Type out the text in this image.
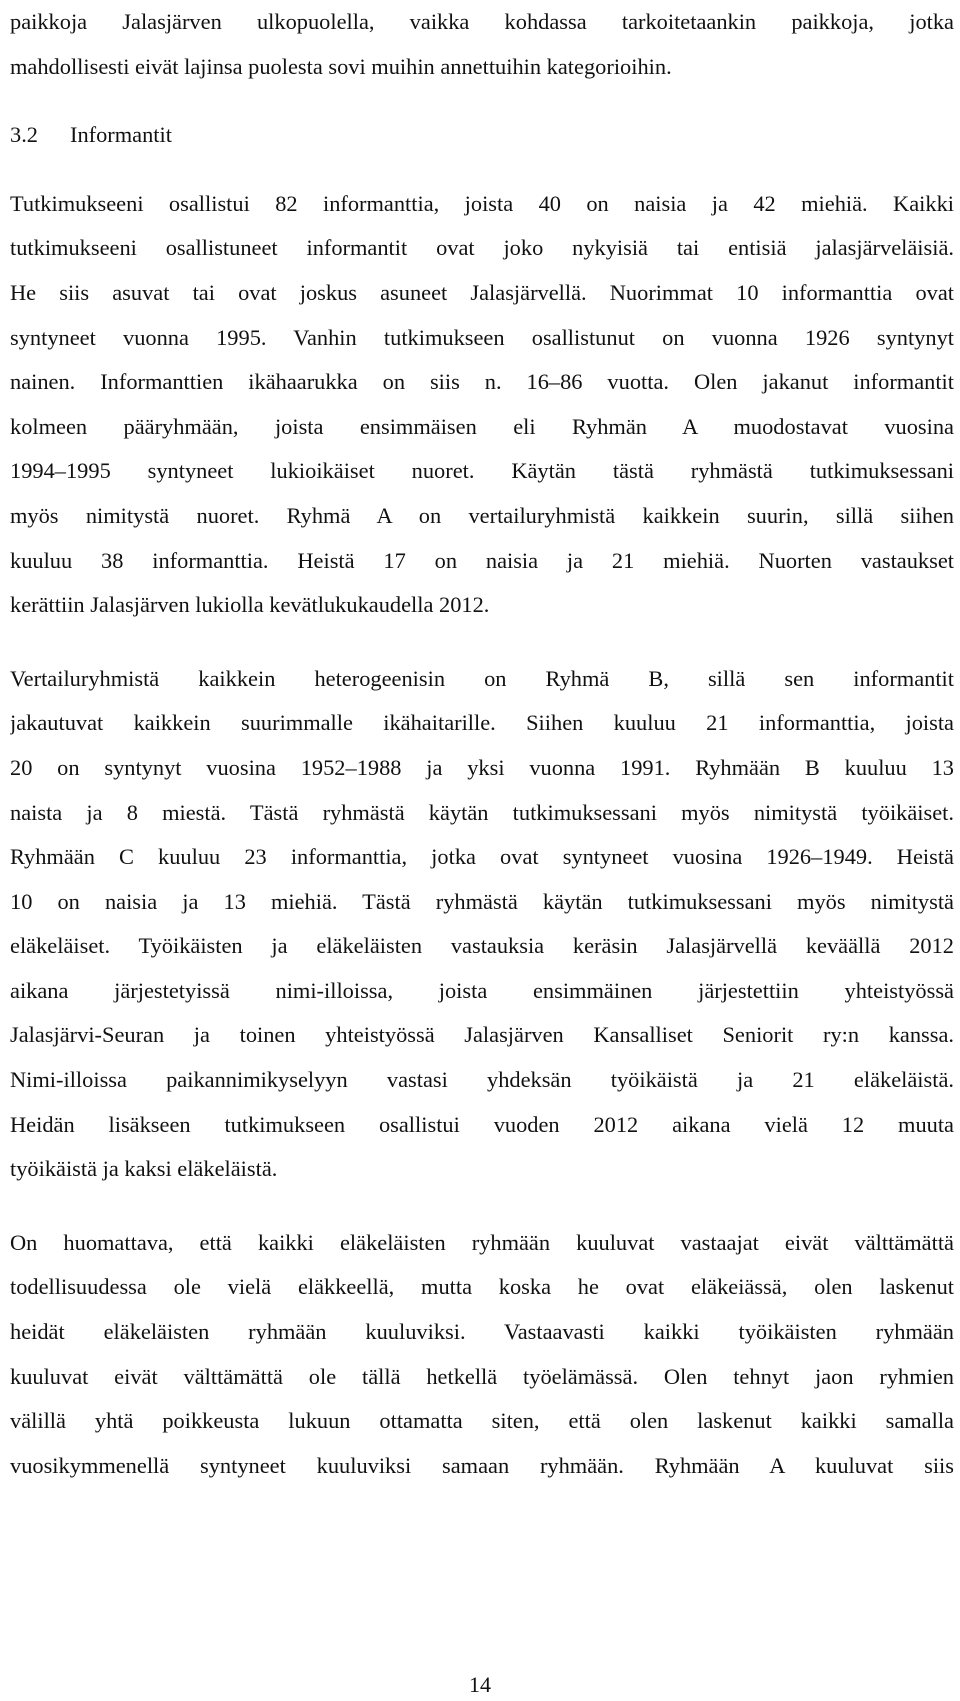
paikkoja Jalasjärven ulkopuolella, vaikka kohdassa tarkoitetaankin paikkoja, jotka
mahdollisesti eivät lajinsa puolesta sovi muihin annettuihin kategorioihin.
3.2	Informantit
Tutkimukseeni osallistui 82 informanttia, joista 40 on naisia ja 42 miehiä. Kaikki
tutkimukseeni osallistuneet informantit ovat joko nykyisiä tai entisiä jalasjärveläisiä.
He siis asuvat tai ovat joskus asuneet Jalasjärvellä. Nuorimmat 10 informanttia ovat
syntyneet vuonna 1995. Vanhin tutkimukseen osallistunut on vuonna 1926 syntynyt
nainen. Informanttien ikähaarukka on siis n. 16–86 vuotta. Olen jakanut informantit
kolmeen pääryhmään, joista ensimmäisen eli Ryhmän A muodostavat vuosina
1994–1995 syntyneet lukioikäiset nuoret. Käytän tästä ryhmästä tutkimuksessani
myös nimitystä nuoret. Ryhmä A on vertailuryhmistä kaikkein suurin, sillä siihen
kuuluu 38 informanttia. Heistä 17 on naisia ja 21 miehiä. Nuorten vastaukset
kerättiin Jalasjärven lukiolla kevätlukukaudella 2012.
Vertailuryhmistä kaikkein heterogeenisin on Ryhmä B, sillä sen informantit
jakautuvat kaikkein suurimmalle ikähaitarille. Siihen kuuluu 21 informanttia, joista
20 on syntynyt vuosina 1952–1988 ja yksi vuonna 1991. Ryhmään B kuuluu 13
naista ja 8 miestä. Tästä ryhmästä käytän tutkimuksessani myös nimitystä työikäiset.
Ryhmään C kuuluu 23 informanttia, jotka ovat syntyneet vuosina 1926–1949. Heistä
10 on naisia ja 13 miehiä. Tästä ryhmästä käytän tutkimuksessani myös nimitystä
eläkeläiset. Työikäisten ja eläkeläisten vastauksia keräsin Jalasjärvellä keväällä 2012
aikana järjestetyissä nimi-illoissa, joista ensimmäinen järjestettiin yhteistyössä
Jalasjärvi-Seuran ja toinen yhteistyössä Jalasjärven Kansalliset Seniorit ry:n kanssa.
Nimi-illoissa paikannimikyselyyn vastasi yhdeksän työikäistä ja 21 eläkeläistä.
Heidän lisäkseen tutkimukseen osallistui vuoden 2012 aikana vielä 12 muuta
työikäistä ja kaksi eläkeläistä.
On huomattava, että kaikki eläkeläisten ryhmään kuuluvat vastaajat eivät välttämättä
todellisuudessa ole vielä eläkkeellä, mutta koska he ovat eläkeiässä, olen laskenut
heidät eläkeläisten ryhmään kuuluviksi. Vastaavasti kaikki työikäisten ryhmään
kuuluvat eivät välttämättä ole tällä hetkellä työelämässä. Olen tehnyt jaon ryhmien
välillä yhtä poikkeusta lukuun ottamatta siten, että olen laskenut kaikki samalla
vuosikymmenellä syntyneet kuuluviksi samaan ryhmään. Ryhmään A kuuluvat siis
14
